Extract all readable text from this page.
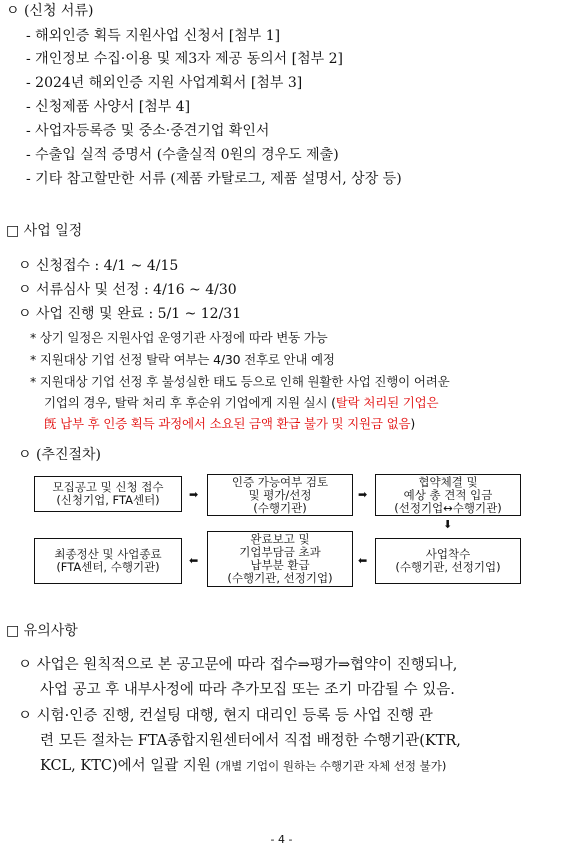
ㅇ (신청 서류)
- 해외인증 획득 지원사업 신청서 [첨부 1]
- 개인정보 수집·이용 및 제3자 제공 동의서 [첨부 2]
- 2024년 해외인증 지원 사업계획서 [첨부 3]
- 신청제품 사양서 [첨부 4]
- 사업자등록증 및 중소·중견기업 확인서
- 수출입 실적 증명서 (수출실적 0원의 경우도 제출)
- 기타 참고할만한 서류 (제품 카탈로그, 제품 설명서, 상장 등)
□ 사업 일정
ㅇ 신청접수 : 4/1 ~ 4/15
ㅇ 서류심사 및 선정 : 4/16 ~ 4/30
ㅇ 사업 진행 및 완료 : 5/1 ~ 12/31
* 상기 일정은 지원사업 운영기관 사정에 따라 변동 가능
* 지원대상 기업 선정 탈락 여부는 4/30 전후로 안내 예정
* 지원대상 기업 선정 후 불성실한 태도 등으로 인해 원활한 사업 진행이 어려운
기업의 경우, 탈락 처리 후 후순위 기업에게 지원 실시 (탈락 처리된 기업은
旣 납부 후 인증 획득 과정에서 소요된 금액 환급 불가 및 지원금 없음)
ㅇ (추진절차)
모집공고 및 신청 접수
(신청기업, FTA센터)	➡
인증 가능여부 검토
및 평가/선정
(수행기관)
➡
협약체결 및
예상 총 견적 입금
(선정기업↔수행기관)
⬇
최종정산 및 사업종료
(FTA센터, 수행기관)	⬅
완료보고 및
기업부담금 초과
납부분 환급
(수행기관, 선정기업)
⬅	사업착수
(수행기관, 선정기업)
□ 유의사항
ㅇ 사업은 원칙적으로 본 공고문에 따라 접수⇒평가⇒협약이 진행되나,
사업 공고 후 내부사정에 따라 추가모집 또는 조기 마감될 수 있음.
ㅇ 시험·인증 진행, 컨설팅 대행, 현지 대리인 등록 등 사업 진행 관
련 모든 절차는 FTA종합지원센터에서 직접 배정한 수행기관(KTR,
KCL, KTC)에서 일괄 지원 (개별 기업이 원하는 수행기관 자체 선정 불가)
- 4 -
